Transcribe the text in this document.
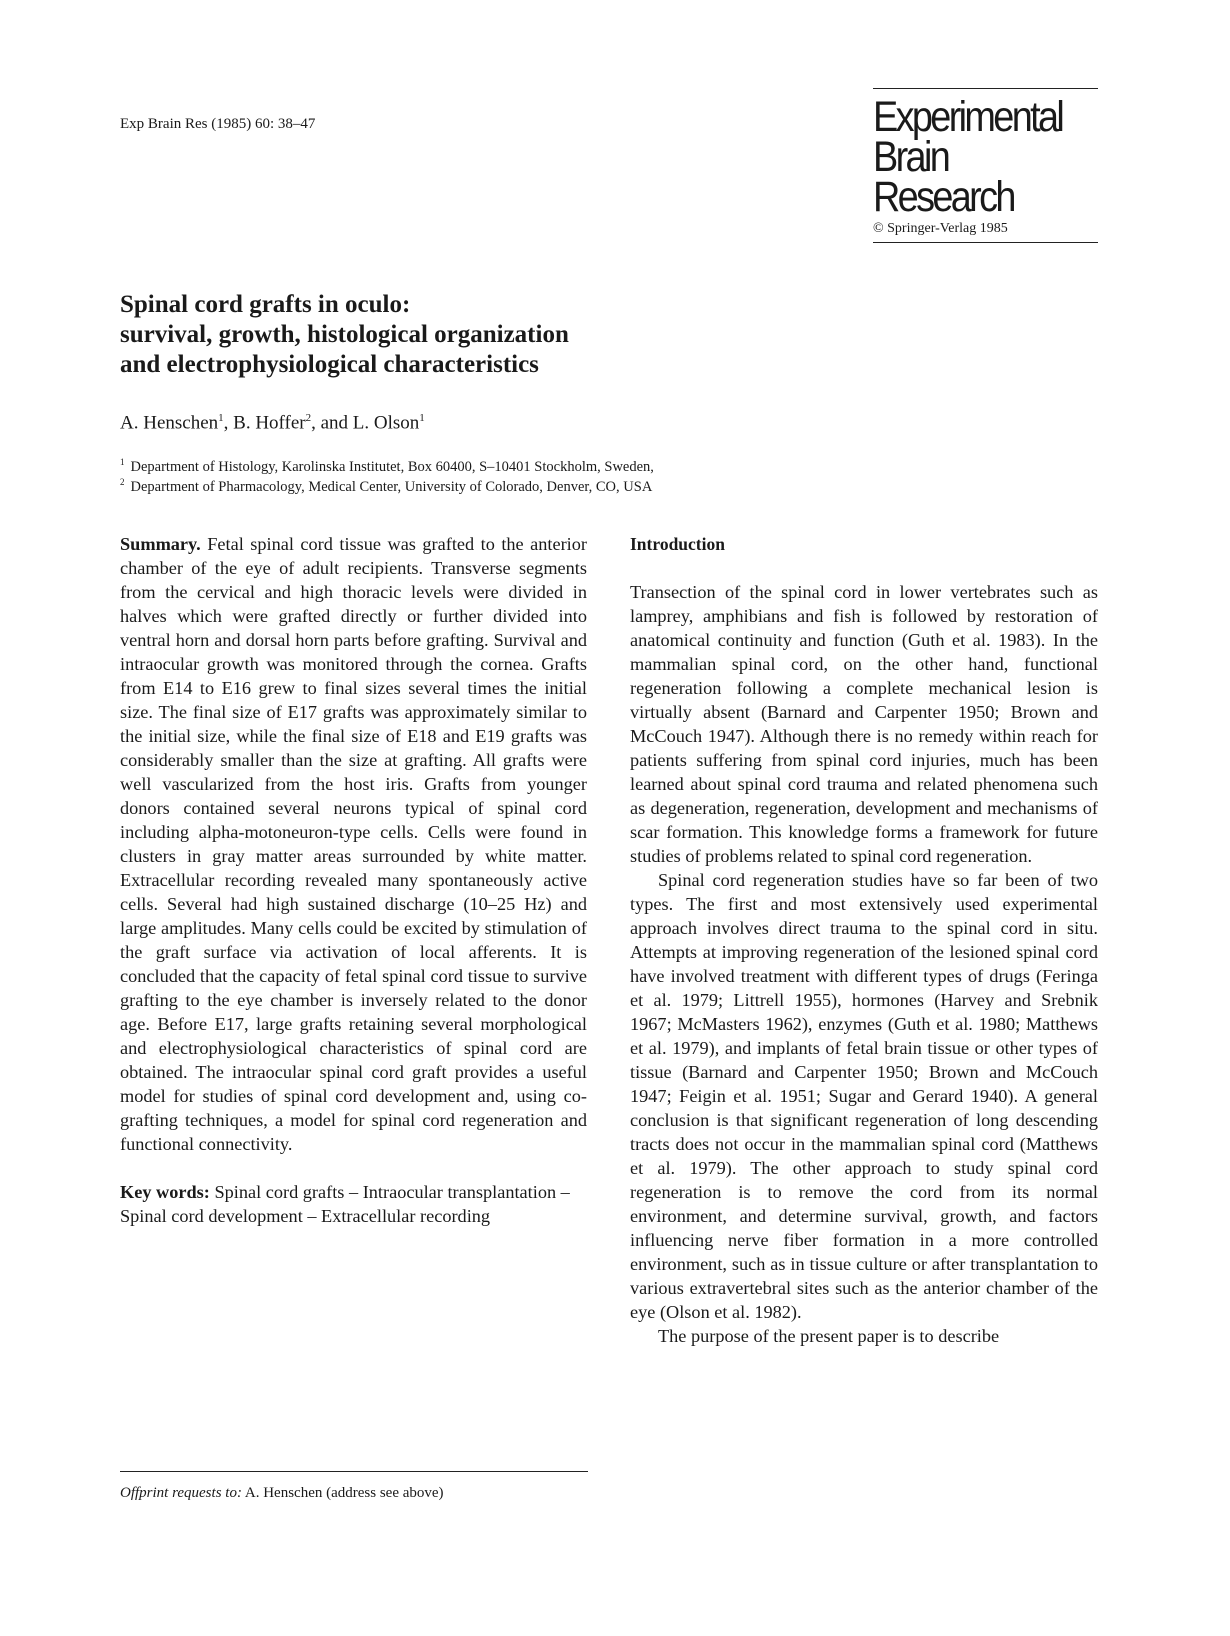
Exp Brain Res (1985) 60: 38–47	Experimental
Brain Research
© Springer-Verlag 1985
Spinal cord grafts in oculo:
survival, growth, histological organization
and electrophysiological characteristics
A. Henschen$^1$, B. Hoffer$^2$, and L. Olson$^1$
$^1$ Department of Histology, Karolinska Institutet, Box 60400, S–10401 Stockholm, Sweden,
$^2$ Department of Pharmacology, Medical Center, University of Colorado, Denver, CO, USA

Summary. Fetal spinal cord tissue was grafted to the anterior chamber of the eye of adult recipients. Transverse segments from the cervical and high thoracic levels were divided in halves which were grafted directly or further divided into ventral horn and dorsal horn parts before grafting. Survival and intraocular growth was monitored through the cornea. Grafts from E14 to E16 grew to final sizes several times the initial size. The final size of E17 grafts was approximately similar to the initial size, while the final size of E18 and E19 grafts was considerably smaller than the size at grafting. All grafts were well vascularized from the host iris. Grafts from younger donors contained several neurons typical of spinal cord including alpha-motoneuron-type cells. Cells were found in clusters in gray matter areas surrounded by white matter. Extracellular recording revealed many spontaneously active cells. Several had high sustained discharge (10–25 Hz) and large amplitudes. Many cells could be excited by stimulation of the graft surface via activation of local afferents. It is concluded that the capacity of fetal spinal cord tissue to survive grafting to the eye chamber is inversely related to the donor age. Before E17, large grafts retaining several morphological and electrophysiological characteristics of spinal cord are obtained. The intraocular spinal cord graft provides a useful model for studies of spinal cord development and, using co-grafting techniques, a model for spinal cord regeneration and functional connectivity.

Key words: Spinal cord grafts – Intraocular transplantation – Spinal cord development – Extracellular recording

Offprint requests to: A. Henschen (address see above)

Introduction

Transection of the spinal cord in lower vertebrates such as lamprey, amphibians and fish is followed by restoration of anatomical continuity and function (Guth et al. 1983). In the mammalian spinal cord, on the other hand, functional regeneration following a complete mechanical lesion is virtually absent (Barnard and Carpenter 1950; Brown and McCouch 1947). Although there is no remedy within reach for patients suffering from spinal cord injuries, much has been learned about spinal cord trauma and related phenomena such as degeneration, regeneration, development and mechanisms of scar formation. This knowledge forms a framework for future studies of problems related to spinal cord regeneration.

Spinal cord regeneration studies have so far been of two types. The first and most extensively used experimental approach involves direct trauma to the spinal cord in situ. Attempts at improving regeneration of the lesioned spinal cord have involved treatment with different types of drugs (Feringa et al. 1979; Littrell 1955), hormones (Harvey and Srebnik 1967; McMasters 1962), enzymes (Guth et al. 1980; Matthews et al. 1979), and implants of fetal brain tissue or other types of tissue (Barnard and Carpenter 1950; Brown and McCouch 1947; Feigin et al. 1951; Sugar and Gerard 1940). A general conclusion is that significant regeneration of long descending tracts does not occur in the mammalian spinal cord (Matthews et al. 1979). The other approach to study spinal cord regeneration is to remove the cord from its normal environment, and determine survival, growth, and factors influencing nerve fiber formation in a more controlled environment, such as in tissue culture or after transplantation to various extravertebral sites such as the anterior chamber of the eye (Olson et al. 1982).

The purpose of the present paper is to describe
